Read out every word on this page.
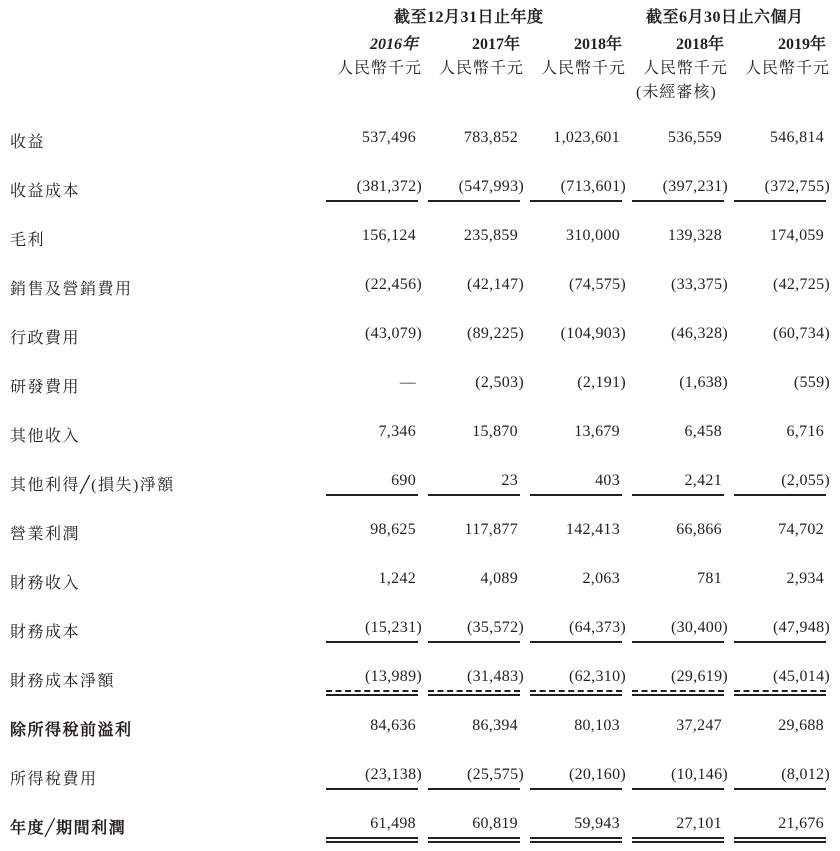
截至12月31日止年度	截至6月30日止六個月
2016年	2017年	2018年	2018年	2019年
人民幣千元	人民幣千元	人民幣千元	人民幣千元	人民幣千元
(未經審核)
收益	537,496	783,852	1,023,601	536,559	546,814
收益成本	(381,372)	(547,993)	(713,601)	(397,231)	(372,755)
毛利	156,124	235,859	310,000	139,328	174,059
銷售及營銷費用	(22,456)	(42,147)	(74,575)	(33,375)	(42,725)
行政費用	(43,079)	(89,225)	(104,903)	(46,328)	(60,734)
研發費用	—	(2,503)	(2,191)	(1,638)	(559)
其他收入	7,346	15,870	13,679	6,458	6,716
其他利得╱(損失)淨額	690	23	403	2,421	(2,055)
營業利潤	98,625	117,877	142,413	66,866	74,702
財務收入	1,242	4,089	2,063	781	2,934
財務成本	(15,231)	(35,572)	(64,373)	(30,400)	(47,948)
財務成本淨額	(13,989)	(31,483)	(62,310)	(29,619)	(45,014)
除所得稅前溢利	84,636	86,394	80,103	37,247	29,688
所得稅費用	(23,138)	(25,575)	(20,160)	(10,146)	(8,012)
年度╱期間利潤	61,498	60,819	59,943	27,101	21,676
